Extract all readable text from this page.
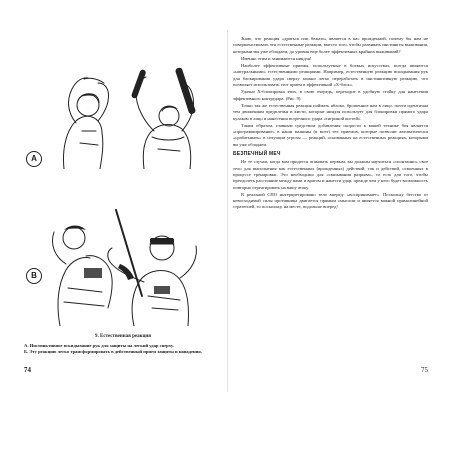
A
B
9. Естественная реакция

А. Инстинктивное вскидывание рук для защиты на легкий удар сверху.

Б. Эту реакцию легко трансформировать в действенный прием защиты и нападения.

74

Знаю, что реакция «драться или бежать» является в нас врожденной, почему бы нам не совершенствовать эти естественные реакции, вместо того, чтобы развивать инстинкты выживания, которыми мы уже обладаем, до уровня еще более эффективных крайних выживаний?

Именно этим и занимаются ниндзя!

Наиболее эффективные приемы, используемые в боевых искусствах, всегда являются «натуральными» естественными реакциями. Например, естественную реакцию вскидывания рук для блокирования удара сверху можно легко переработать в инстинктивную реакцию, что позволяет использовать этот прием в эффективной «Х-блок».

Удачно Х-блокировка этих, в свою очередь, переходит в удобную стойку для нанесения эффективного контрудара. (Рис. 9)

Точно так же естественная реакция поймать яблоко, брошенное вам в лицо, почти идентична тем движениям предплечья и кисти, которые ниндзя использует для блокировки прямого удара кулаком в лицо и нанесения встречного удара «тигриной когтей».

Таким образом, главным средством добавления скорости к вашей технике боя является «программирование» в наши машины (в мозг) тех приемов, которые позволят автоматически «срабатывать» в ситуации угрозы — реакций, основанных на естественных реакциях, которыми вы уже обладаем.

БЕЗПЕЧНЫЙ МЕЧ

Не те случаи, когда вам придется атаковать первым, вы должны научиться «спонтанно» свое тело для выполнения как естественных (врожденных) действий, так и действий, освоенных в процессе тренировки. Это необходимо для «связывания разрыва», то есть для того, чтобы преодолеть расстояние между вами и врагом и нанести удар, прежде чем у него будет возможность повторно отреагировать на вашу атаку.

В реальной СПО интерпретировано тело вперед- «воспринимает». Поскольку бегство от невосходимой силы противника двигается прямым смыслом и является важной прямолинейной стратегией, то поскольку, на месте, подольше вперед!

75
